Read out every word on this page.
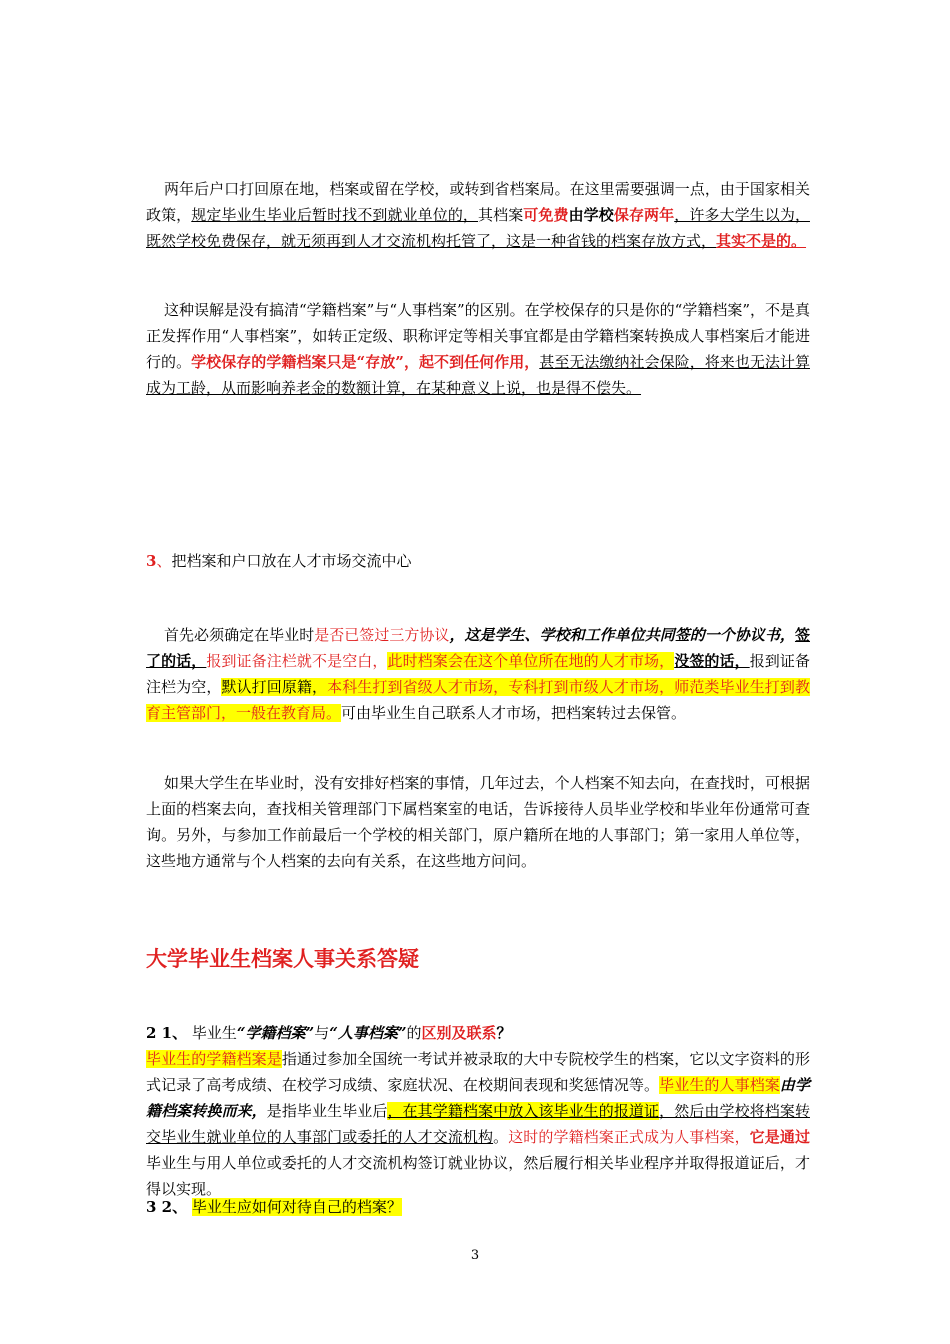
两年后户口打回原在地，档案或留在学校，或转到省档案局。在这里需要强调一点，由于国家相关政策，规定毕业生毕业后暂时找不到就业单位的，其档案可免费由学校保存两年，许多大学生以为，既然学校免费保存，就无须再到人才交流机构托管了，这是一种省钱的档案存放方式，其实不是的。

这种误解是没有搞清“学籍档案”与“人事档案”的区别。在学校保存的只是你的“学籍档案”，不是真正发挥作用“人事档案”，如转正定级、职称评定等相关事宜都是由学籍档案转换成人事档案后才能进行的。学校保存的学籍档案只是“存放”，起不到任何作用，甚至无法缴纳社会保险，将来也无法计算成为工龄，从而影响养老金的数额计算，在某种意义上说，也是得不偿失。

3、把档案和户口放在人才市场交流中心

首先必须确定在毕业时是否已签过三方协议，这是学生、学校和工作单位共同签的一个协议书，签了的话，报到证备注栏就不是空白，此时档案会在这个单位所在地的人才市场，没签的话，报到证备注栏为空，默认打回原籍，本科生打到省级人才市场，专科打到市级人才市场，师范类毕业生打到教育主管部门，一般在教育局。可由毕业生自己联系人才市场，把档案转过去保管。

如果大学生在毕业时，没有安排好档案的事情，几年过去，个人档案不知去向，在查找时，可根据上面的档案去向，查找相关管理部门下属档案室的电话，告诉接待人员毕业学校和毕业年份通常可查询。另外，与参加工作前最后一个学校的相关部门，原户籍所在地的人事部门；第一家用人单位等，这些地方通常与个人档案的去向有关系，在这些地方问问。

大学毕业生档案人事关系答疑

2 1、 毕业生“学籍档案”与“人事档案”的区别及联系？

毕业生的学籍档案是指通过参加全国统一考试并被录取的大中专院校学生的档案，它以文字资料的形式记录了高考成绩、在校学习成绩、家庭状况、在校期间表现和奖惩情况等。毕业生的人事档案由学籍档案转换而来，是指毕业生毕业后，在其学籍档案中放入该毕业生的报道证，然后由学校将档案转交毕业生就业单位的人事部门或委托的人才交流机构。这时的学籍档案正式成为人事档案，它是通过毕业生与用人单位或委托的人才交流机构签订就业协议，然后履行相关毕业程序并取得报道证后，才得以实现。

3 2、 毕业生应如何对待自己的档案？

3
